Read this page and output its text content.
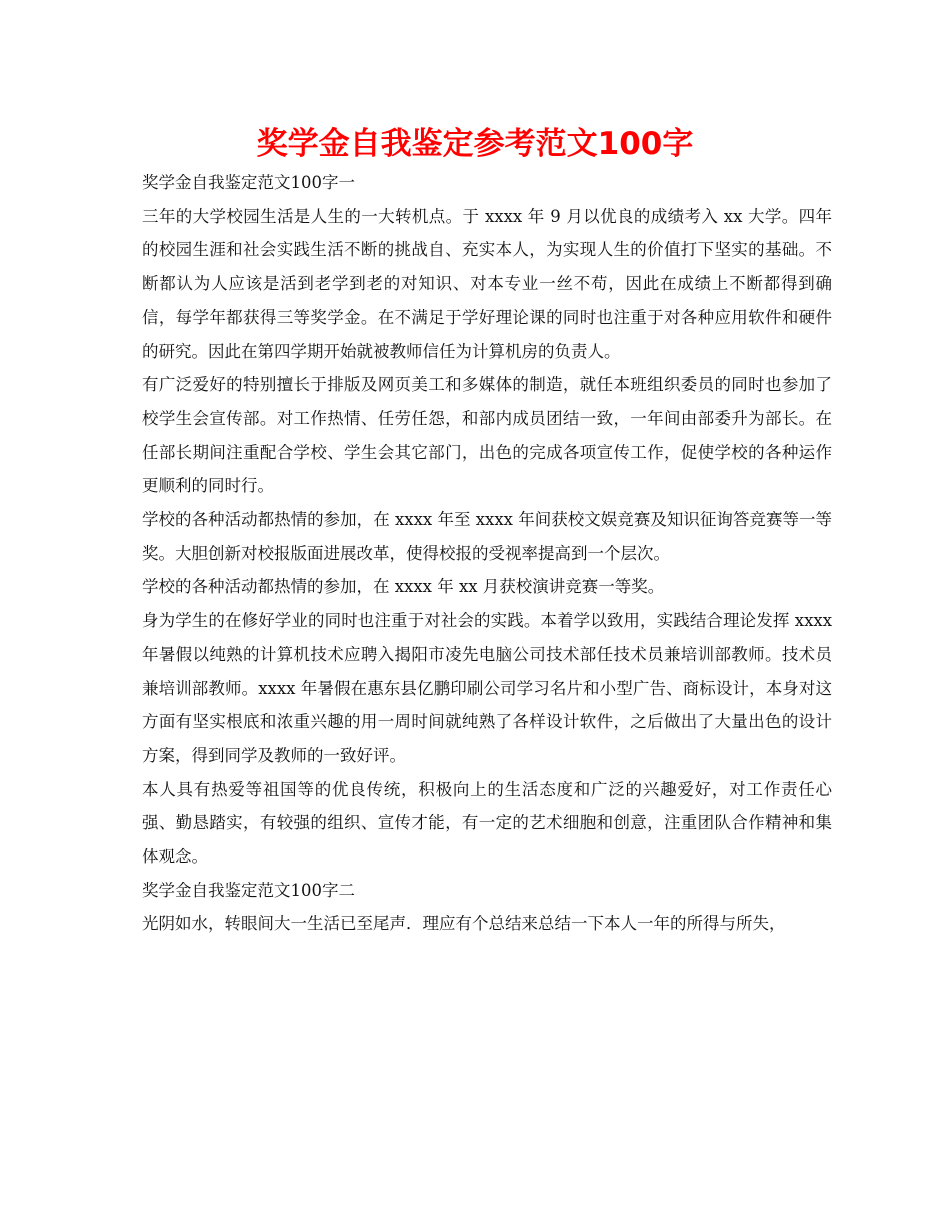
奖学金自我鉴定参考范文100字

奖学金自我鉴定范文100字一

三年的大学校园生活是人生的一大转机点。于 xxxx 年 9 月以优良的成绩考入 xx 大学。四年的校园生涯和社会实践生活不断的挑战自、充实本人，为实现人生的价值打下坚实的基础。不断都认为人应该是活到老学到老的对知识、对本专业一丝不苟，因此在成绩上不断都得到确信，每学年都获得三等奖学金。在不满足于学好理论课的同时也注重于对各种应用软件和硬件的研究。因此在第四学期开始就被教师信任为计算机房的负责人。

有广泛爱好的特别擅长于排版及网页美工和多媒体的制造，就任本班组织委员的同时也参加了校学生会宣传部。对工作热情、任劳任怨，和部内成员团结一致，一年间由部委升为部长。在任部长期间注重配合学校、学生会其它部门，出色的完成各项宣传工作，促使学校的各种运作更顺利的同时行。

学校的各种活动都热情的参加，在 xxxx 年至 xxxx 年间获校文娱竞赛及知识征询答竞赛等一等奖。大胆创新对校报版面进展改革，使得校报的受视率提高到一个层次。

学校的各种活动都热情的参加，在 xxxx 年 xx 月获校演讲竞赛一等奖。

身为学生的在修好学业的同时也注重于对社会的实践。本着学以致用，实践结合理论发挥 xxxx 年暑假以纯熟的计算机技术应聘入揭阳市凌先电脑公司技术部任技术员兼培训部教师。技术员兼培训部教师。xxxx 年暑假在惠东县亿鹏印刷公司学习名片和小型广告、商标设计，本身对这方面有坚实根底和浓重兴趣的用一周时间就纯熟了各样设计软件，之后做出了大量出色的设计方案，得到同学及教师的一致好评。

本人具有热爱等祖国等的优良传统，积极向上的生活态度和广泛的兴趣爱好，对工作责任心强、勤恳踏实，有较强的组织、宣传才能，有一定的艺术细胞和创意，注重团队合作精神和集体观念。

奖学金自我鉴定范文100字二

光阴如水，转眼间大一生活已至尾声．理应有个总结来总结一下本人一年的所得与所失，
